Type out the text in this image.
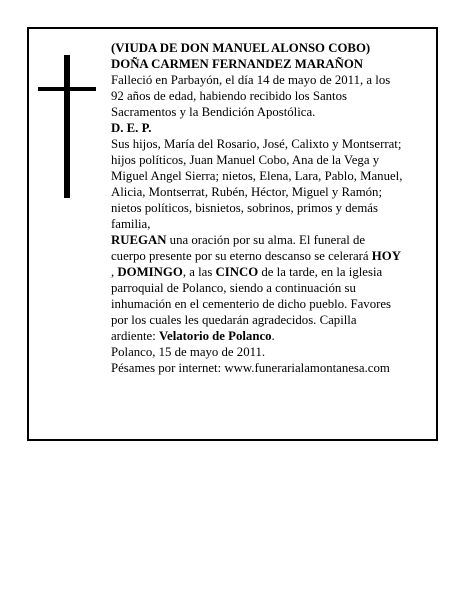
(VIUDA DE DON MANUEL ALONSO COBO)

DOÑA CARMEN FERNANDEZ MARAÑON

Falleció en Parbayón, el día 14 de mayo de 2011, a los 92 años de edad, habiendo recibido los Santos Sacramentos y la Bendición Apostólica.

D. E. P.

Sus hijos, María del Rosario, José, Calixto y Montserrat; hijos políticos, Juan Manuel Cobo, Ana de la Vega y Miguel Angel Sierra; nietos, Elena, Lara, Pablo, Manuel, Alicia, Montserrat, Rubén, Héctor, Miguel y Ramón; nietos políticos, bisnietos, sobrinos, primos y demás familia,

RUEGAN una oración por su alma. El funeral de cuerpo presente por su eterno descanso se celerará HOY , DOMINGO, a las CINCO de la tarde, en la iglesia parroquial de Polanco, siendo a continuación su inhumación en el cementerio de dicho pueblo. Favores por los cuales les quedarán agradecidos. Capilla ardiente: Velatorio de Polanco.

Polanco, 15 de mayo de 2011.

Pésames por internet: www.funerarialamontanesa.com
